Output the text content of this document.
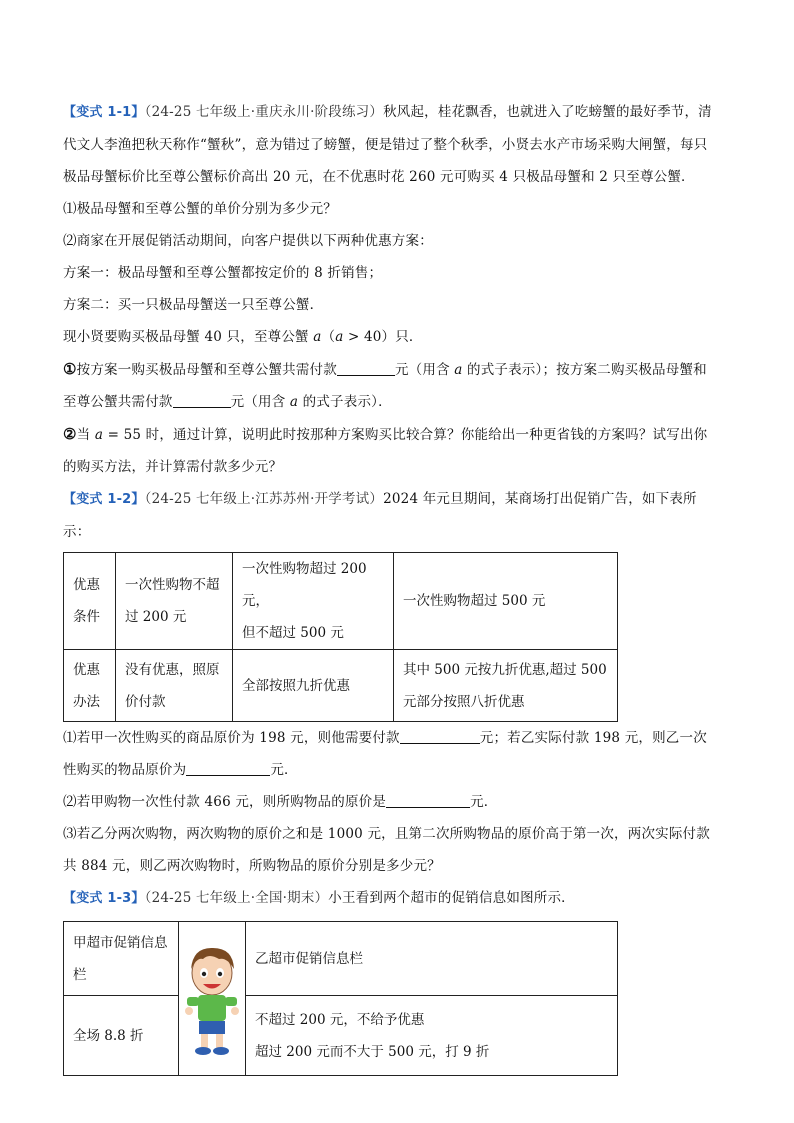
【变式 1-1】（24-25 七年级上·重庆永川·阶段练习）秋风起，桂花飘香，也就进入了吃螃蟹的最好季节，清

代文人李渔把秋天称作“蟹秋”，意为错过了螃蟹，便是错过了整个秋季，小贤去水产市场采购大闸蟹，每只

极品母蟹标价比至尊公蟹标价高出 20 元，在不优惠时花 260 元可购买 4 只极品母蟹和 2 只至尊公蟹．

⑴极品母蟹和至尊公蟹的单价分别为多少元？

⑵商家在开展促销活动期间，向客户提供以下两种优惠方案：

方案一：极品母蟹和至尊公蟹都按定价的 8 折销售；

方案二：买一只极品母蟹送一只至尊公蟹．

现小贤要购买极品母蟹 40 只，至尊公蟹 𝑎（𝑎 > 40）只．

①按方案一购买极品母蟹和至尊公蟹共需付款	元（用含 𝑎 的式子表示）；按方案二购买极品母蟹和

至尊公蟹共需付款	元（用含 𝑎 的式子表示）．

②当 𝑎 = 55 时，通过计算，说明此时按那种方案购买比较合算？你能给出一种更省钱的方案吗？试写出你

的购买方法，并计算需付款多少元？

【变式 1-2】（24-25 七年级上·江苏苏州·开学考试）2024 年元旦期间，某商场打出促销广告，如下表所示：

优惠条件	一次性购物不超过 200 元	一次性购物超过 200 元，
但不超过 500 元	一次性购物超过 500 元
优惠办法	没有优惠，照原价付款	全部按照九折优惠	其中 500 元按九折优惠,超过 500
元部分按照八折优惠

⑴若甲一次性购买的商品原价为 198 元，则他需要付款	元；若乙实际付款 198 元，则乙一次

性购买的物品原价为	元．

⑵若甲购物一次性付款 466 元，则所购物品的原价是	元．

⑶若乙分两次购物，两次购物的原价之和是 1000 元，且第二次所购物品的原价高于第一次，两次实际付款

共 884 元，则乙两次购物时，所购物品的原价分别是多少元？

【变式 1-3】（24-25 七年级上·全国·期末）小王看到两个超市的促销信息如图所示．

甲超市促销信息栏		乙超市促销信息栏
全场 8.8 折		不超过 200 元，不给予优惠
超过 200 元而不大于 500 元，打 9 折
